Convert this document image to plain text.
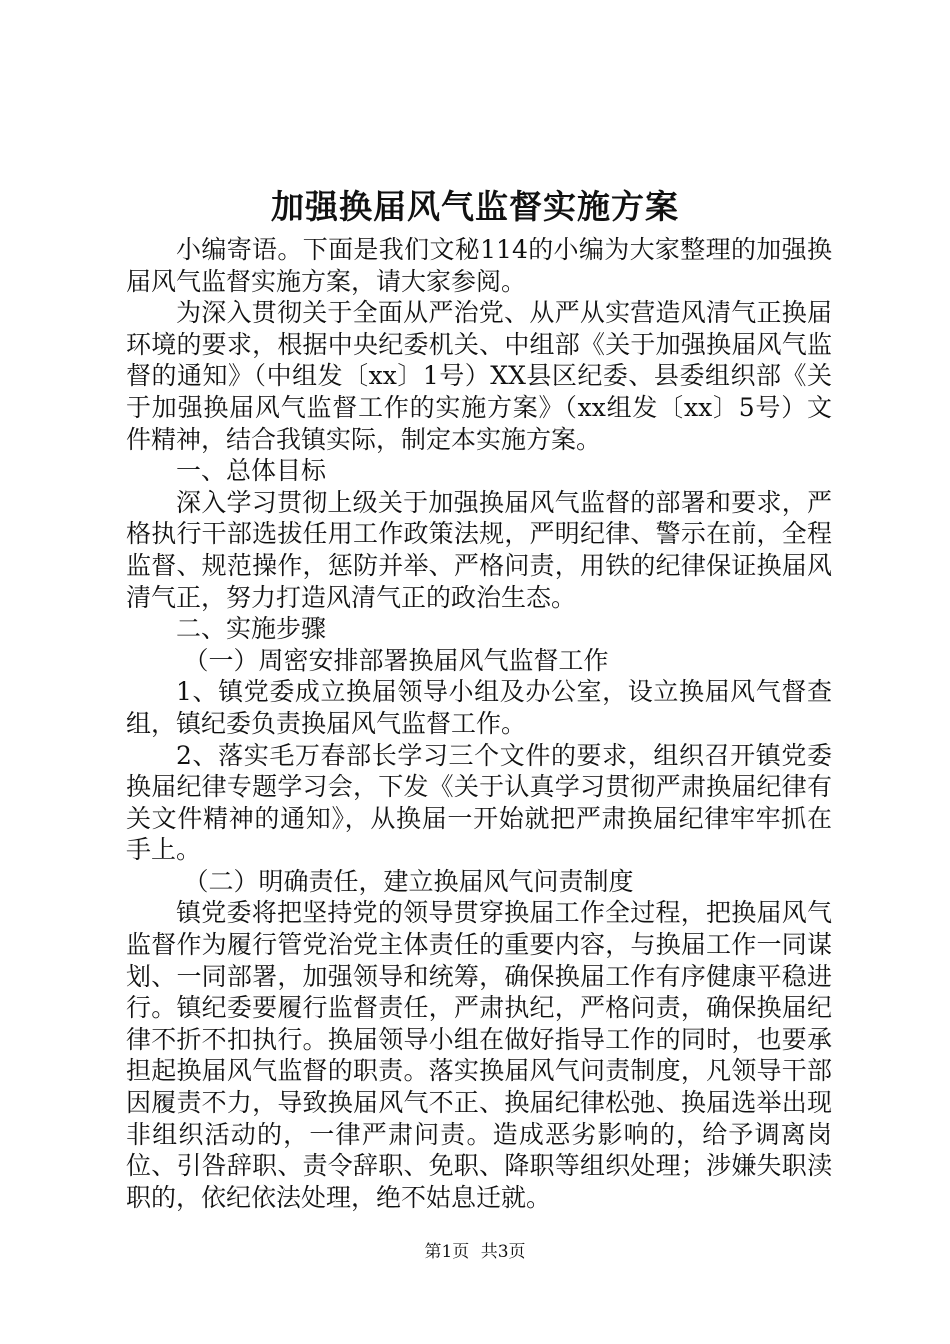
加强换届风气监督实施方案

小编寄语。下面是我们文秘114的小编为大家整理的加强换届风气监督实施方案，请大家参阅。

为深入贯彻关于全面从严治党、从严从实营造风清气正换届环境的要求，根据中央纪委机关、中组部《关于加强换届风气监督的通知》（中组发〔xx〕1号）XX县区纪委、县委组织部《关于加强换届风气监督工作的实施方案》（xx组发〔xx〕5号）文件精神，结合我镇实际，制定本实施方案。

一、总体目标

深入学习贯彻上级关于加强换届风气监督的部署和要求，严格执行干部选拔任用工作政策法规，严明纪律、警示在前，全程监督、规范操作，惩防并举、严格问责，用铁的纪律保证换届风清气正，努力打造风清气正的政治生态。

二、实施步骤

（一）周密安排部署换届风气监督工作

1、镇党委成立换届领导小组及办公室，设立换届风气督查组，镇纪委负责换届风气监督工作。

2、落实毛万春部长学习三个文件的要求，组织召开镇党委换届纪律专题学习会，下发《关于认真学习贯彻严肃换届纪律有关文件精神的通知》，从换届一开始就把严肃换届纪律牢牢抓在手上。

（二）明确责任，建立换届风气问责制度

镇党委将把坚持党的领导贯穿换届工作全过程，把换届风气监督作为履行管党治党主体责任的重要内容，与换届工作一同谋划、一同部署，加强领导和统筹，确保换届工作有序健康平稳进行。镇纪委要履行监督责任，严肃执纪，严格问责，确保换届纪律不折不扣执行。换届领导小组在做好指导工作的同时，也要承担起换届风气监督的职责。落实换届风气问责制度，凡领导干部因履责不力，导致换届风气不正、换届纪律松弛、换届选举出现非组织活动的，一律严肃问责。造成恶劣影响的，给予调离岗位、引咎辞职、责令辞职、免职、降职等组织处理；涉嫌失职渎职的，依纪依法处理，绝不姑息迁就。

第1页 共3页
